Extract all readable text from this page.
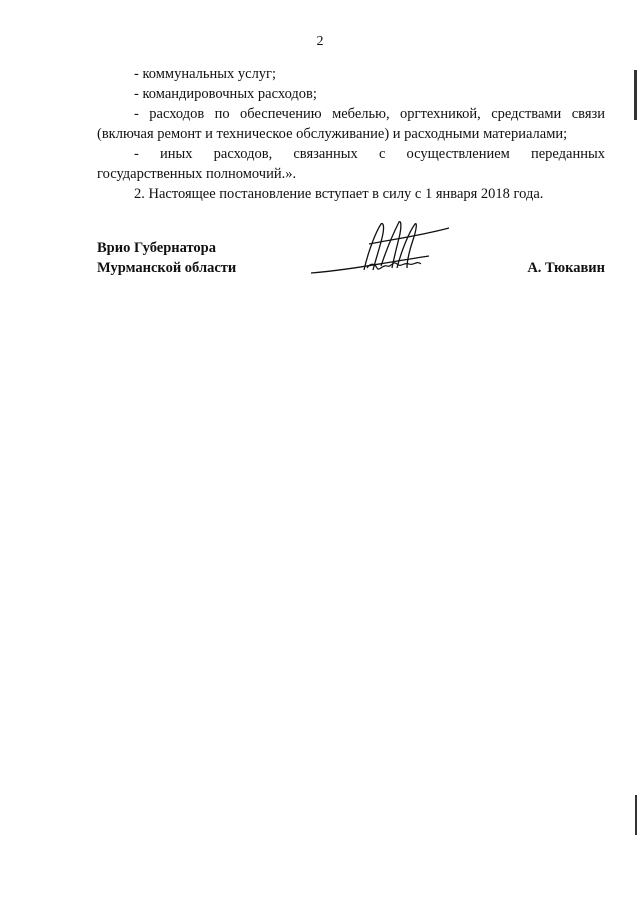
2

- коммунальных услуг;

- командировочных расходов;

- расходов по обеспечению мебелью, оргтехникой, средствами связи (включая ремонт и техническое обслуживание) и расходными материалами;

- иных расходов, связанных с осуществлением переданных государственных полномочий.».

2. Настоящее постановление вступает в силу с 1 января 2018 года.

Врио Губернатора
Мурманской области	А. Тюкавин
